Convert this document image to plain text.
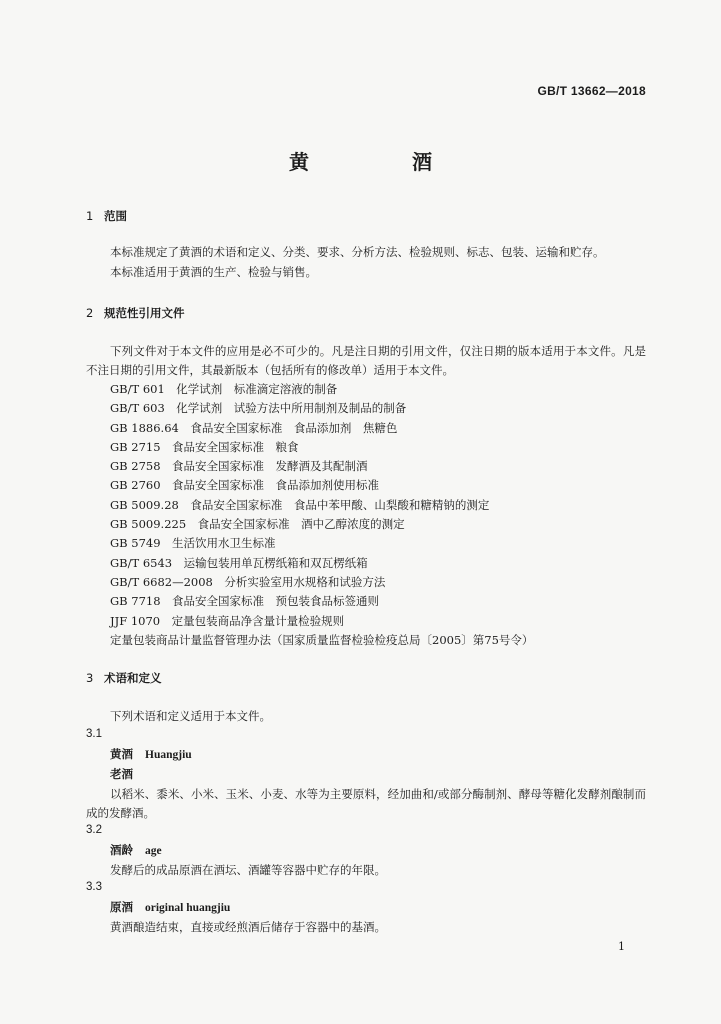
GB/T 13662—2018
黄 酒
1 范围
本标准规定了黄酒的术语和定义、分类、要求、分析方法、检验规则、标志、包装、运输和贮存。
本标准适用于黄酒的生产、检验与销售。
2 规范性引用文件
下列文件对于本文件的应用是必不可少的。凡是注日期的引用文件，仅注日期的版本适用于本文件。凡是不注日期的引用文件，其最新版本（包括所有的修改单）适用于本文件。
GB/T 601　化学试剂　标准滴定溶液的制备
GB/T 603　化学试剂　试验方法中所用制剂及制品的制备
GB 1886.64　食品安全国家标准　食品添加剂　焦糖色
GB 2715　食品安全国家标准　粮食
GB 2758　食品安全国家标准　发酵酒及其配制酒
GB 2760　食品安全国家标准　食品添加剂使用标准
GB 5009.28　食品安全国家标准　食品中苯甲酸、山梨酸和糖精钠的测定
GB 5009.225　食品安全国家标准　酒中乙醇浓度的测定
GB 5749　生活饮用水卫生标准
GB/T 6543　运输包装用单瓦楞纸箱和双瓦楞纸箱
GB/T 6682—2008　分析实验室用水规格和试验方法
GB 7718　食品安全国家标准　预包装食品标签通则
JJF 1070　定量包装商品净含量计量检验规则
定量包装商品计量监督管理办法（国家质量监督检验检疫总局〔2005〕第75号令）
3 术语和定义
下列术语和定义适用于本文件。
3.1
黄酒 Huangjiu
老酒
以稻米、黍米、小米、玉米、小麦、水等为主要原料，经加曲和/或部分酶制剂、酵母等糖化发酵剂酿制而成的发酵酒。
3.2
酒龄 age
发酵后的成品原酒在酒坛、酒罐等容器中贮存的年限。
3.3
原酒 original huangjiu
黄酒酿造结束，直接或经煎酒后储存于容器中的基酒。
1
